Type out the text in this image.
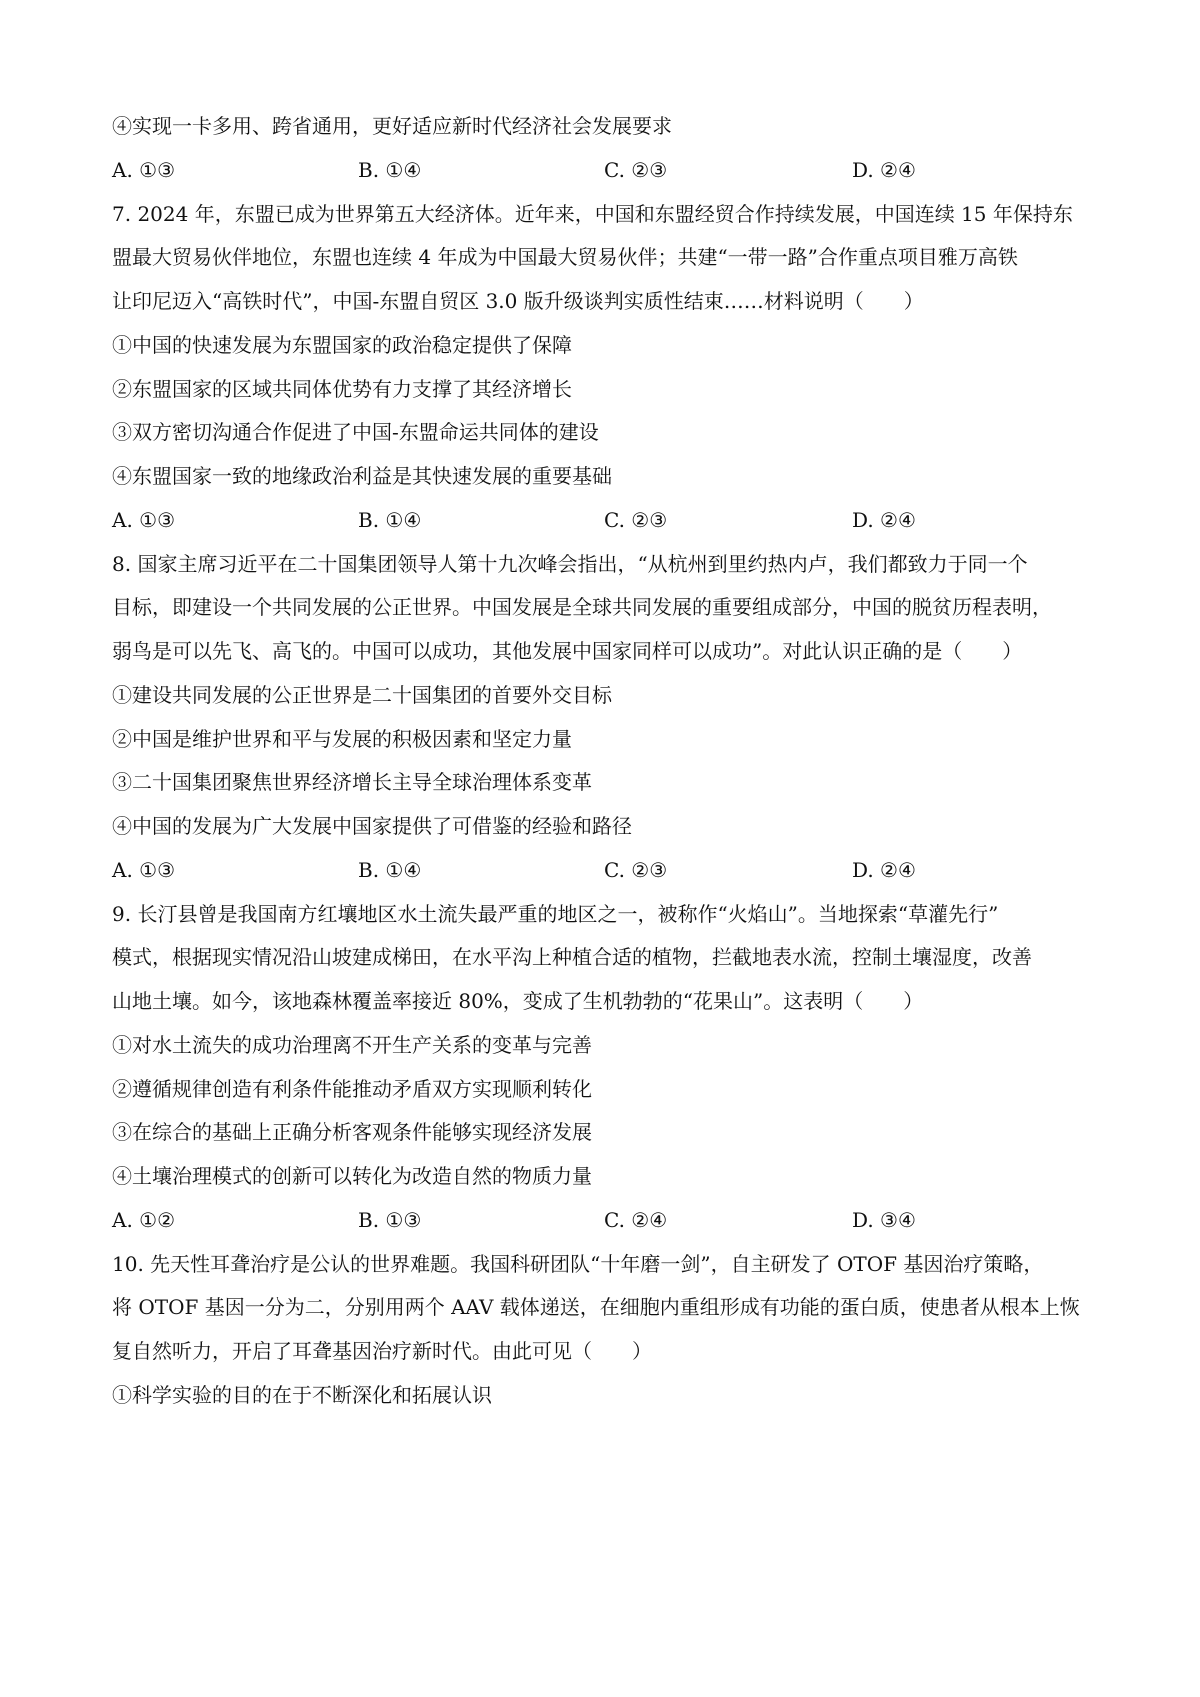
④实现一卡多用、跨省通用，更好适应新时代经济社会发展要求
A. ①③	B. ①④	C. ②③	D. ②④
7. 2024 年，东盟已成为世界第五大经济体。近年来，中国和东盟经贸合作持续发展，中国连续 15 年保持东
盟最大贸易伙伴地位，东盟也连续 4 年成为中国最大贸易伙伴；共建“一带一路”合作重点项目雅万高铁
让印尼迈入“高铁时代”，中国-东盟自贸区 3.0 版升级谈判实质性结束……材料说明（　　）
①中国的快速发展为东盟国家的政治稳定提供了保障
②东盟国家的区域共同体优势有力支撑了其经济增长
③双方密切沟通合作促进了中国-东盟命运共同体的建设
④东盟国家一致的地缘政治利益是其快速发展的重要基础
A. ①③	B. ①④	C. ②③	D. ②④
8. 国家主席习近平在二十国集团领导人第十九次峰会指出，“从杭州到里约热内卢，我们都致力于同一个
目标，即建设一个共同发展的公正世界。中国发展是全球共同发展的重要组成部分，中国的脱贫历程表明，
弱鸟是可以先飞、高飞的。中国可以成功，其他发展中国家同样可以成功”。对此认识正确的是（　　）
①建设共同发展的公正世界是二十国集团的首要外交目标
②中国是维护世界和平与发展的积极因素和坚定力量
③二十国集团聚焦世界经济增长主导全球治理体系变革
④中国的发展为广大发展中国家提供了可借鉴的经验和路径
A. ①③	B. ①④	C. ②③	D. ②④
9. 长汀县曾是我国南方红壤地区水土流失最严重的地区之一，被称作“火焰山”。当地探索“草灌先行”
模式，根据现实情况沿山坡建成梯田，在水平沟上种植合适的植物，拦截地表水流，控制土壤湿度，改善
山地土壤。如今，该地森林覆盖率接近 80%，变成了生机勃勃的“花果山”。这表明（　　）
①对水土流失的成功治理离不开生产关系的变革与完善
②遵循规律创造有利条件能推动矛盾双方实现顺利转化
③在综合的基础上正确分析客观条件能够实现经济发展
④土壤治理模式的创新可以转化为改造自然的物质力量
A. ①②	B. ①③	C. ②④	D. ③④
10. 先天性耳聋治疗是公认的世界难题。我国科研团队“十年磨一剑”，自主研发了 OTOF 基因治疗策略，
将 OTOF 基因一分为二，分别用两个 AAV 载体递送，在细胞内重组形成有功能的蛋白质，使患者从根本上恢
复自然听力，开启了耳聋基因治疗新时代。由此可见（　　）
①科学实验的目的在于不断深化和拓展认识
